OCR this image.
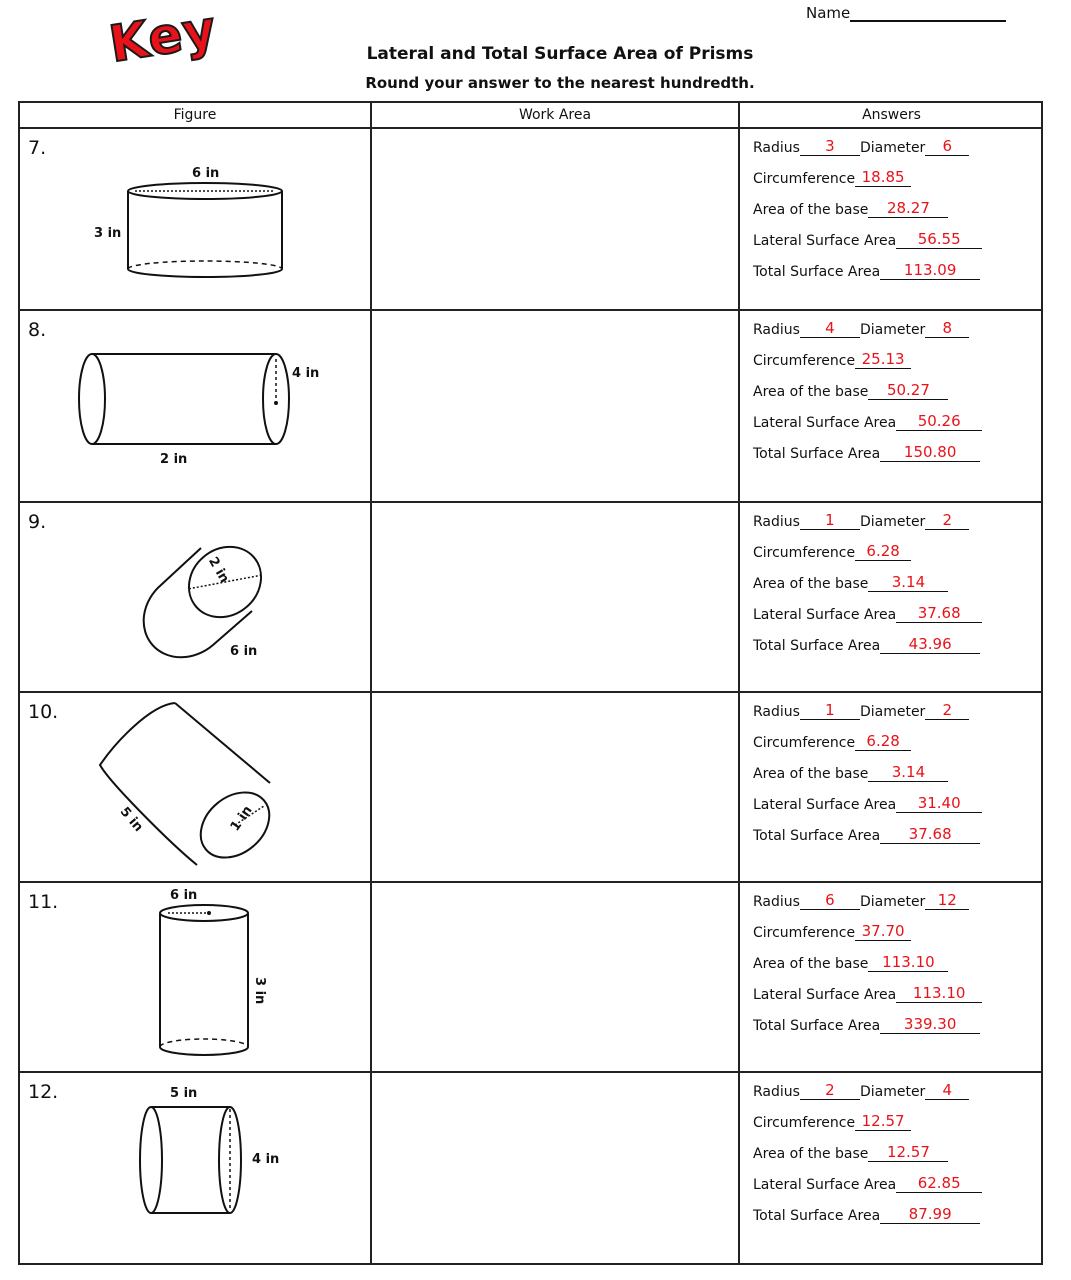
Key	Name
Lateral and Total Surface Area of Prisms
Round your answer to the nearest hundredth.
Figure	Work Area	Answers
6 in
3 in
7.	Radius	3	Diameter	6
Circumference 18.85
Area of the base	28.27
Lateral Surface Area	56.55
Total Surface Area	113.09
4 in
2 in
8.	Radius	4	Diameter	8
Circumference 25.13
Area of the base	50.27
Lateral Surface Area	50.26
Total Surface Area	150.80
2 in
6 in
9.	Radius	1	Diameter	2
Circumference 6.28
Area of the base	3.14
Lateral Surface Area	37.68
Total Surface Area	43.96
5 in	1 in
10.	Radius	1	Diameter	2
Circumference 6.28
Area of the base	3.14
Lateral Surface Area	31.40
Total Surface Area	37.68
6 in
3 in
11.	Radius	6	Diameter 12
Circumference 37.70
Area of the base 113.10
Lateral Surface Area	113.10
Total Surface Area	339.30
5 in
4 in
12.	Radius	2	Diameter	4
Circumference 12.57
Area of the base	12.57
Lateral Surface Area	62.85
Total Surface Area	87.99
